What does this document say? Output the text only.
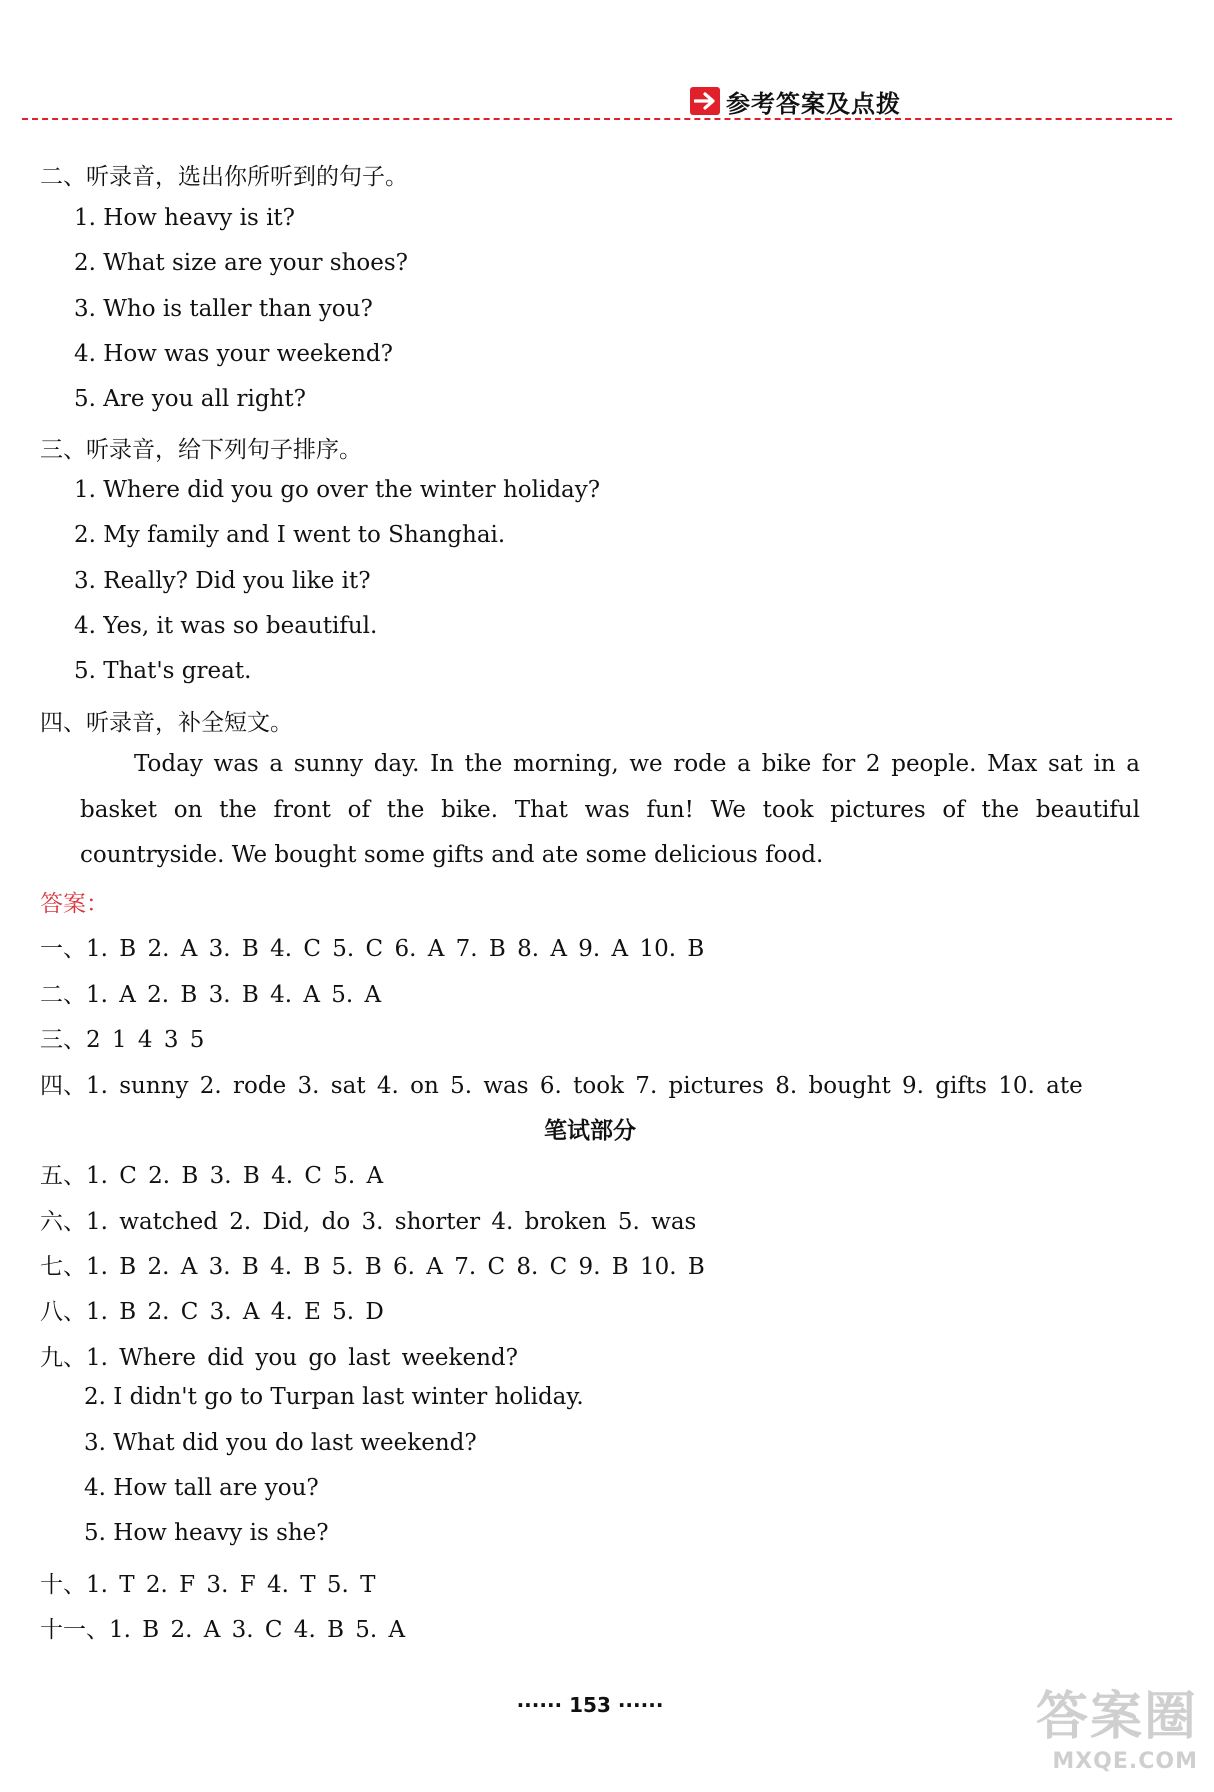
参考答案及点拨
二、听录音，选出你所听到的句子。
1. How heavy is it?
2. What size are your shoes?
3. Who is taller than you?
4. How was your weekend?
5. Are you all right?
三、听录音，给下列句子排序。
1. Where did you go over the winter holiday?
2. My family and I went to Shanghai.
3. Really? Did you like it?
4. Yes, it was so beautiful.
5. That's great.
四、听录音，补全短文。
Today was a sunny day. In the morning, we rode a bike for 2 people. Max sat in a basket on the front of the bike. That was fun! We took pictures of the beautiful countryside. We bought some gifts and ate some delicious food.
答案：
一、1. B 2. A 3. B 4. C 5. C 6. A 7. B 8. A 9. A 10. B
二、1. A 2. B 3. B 4. A 5. A
三、2 1 4 3 5
四、1. sunny 2. rode 3. sat 4. on 5. was 6. took 7. pictures 8. bought 9. gifts 10. ate
笔试部分
五、1. C 2. B 3. B 4. C 5. A
六、1. watched 2. Did, do 3. shorter 4. broken 5. was
七、1. B 2. A 3. B 4. B 5. B 6. A 7. C 8. C 9. B 10. B
八、1. B 2. C 3. A 4. E 5. D
九、1. Where did you go last weekend?
2. I didn't go to Turpan last winter holiday.
3. What did you do last weekend?
4. How tall are you?
5. How heavy is she?
十、1. T 2. F 3. F 4. T 5. T
十一、1. B 2. A 3. C 4. B 5. A
······ 153 ······	答案圈
MXQE.COM
